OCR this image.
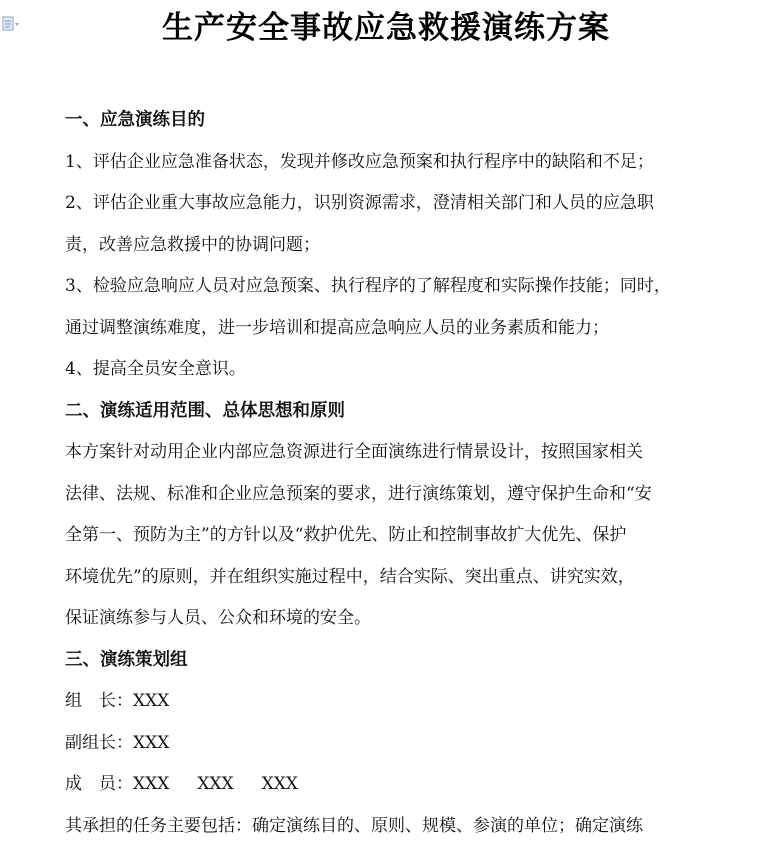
生产安全事故应急救援演练方案
一、应急演练目的
1、评估企业应急准备状态，发现并修改应急预案和执行程序中的缺陷和不足；
2、评估企业重大事故应急能力，识别资源需求，澄清相关部门和人员的应急职
责，改善应急救援中的协调问题；
3、检验应急响应人员对应急预案、执行程序的了解程度和实际操作技能；同时，
通过调整演练难度，进一步培训和提高应急响应人员的业务素质和能力；
4、提高全员安全意识。
二、演练适用范围、总体思想和原则
本方案针对动用企业内部应急资源进行全面演练进行情景设计，按照国家相关
法律、法规、标准和企业应急预案的要求，进行演练策划，遵守保护生命和“安
全第一、预防为主”的方针以及“救护优先、防止和控制事故扩大优先、保护
环境优先”的原则，并在组织实施过程中，结合实际、突出重点、讲究实效，
保证演练参与人员、公众和环境的安全。
三、演练策划组
组　长：XXX
副组长：XXX
成　员：XXX XXX XXX
其承担的任务主要包括：确定演练目的、原则、规模、参演的单位；确定演练
